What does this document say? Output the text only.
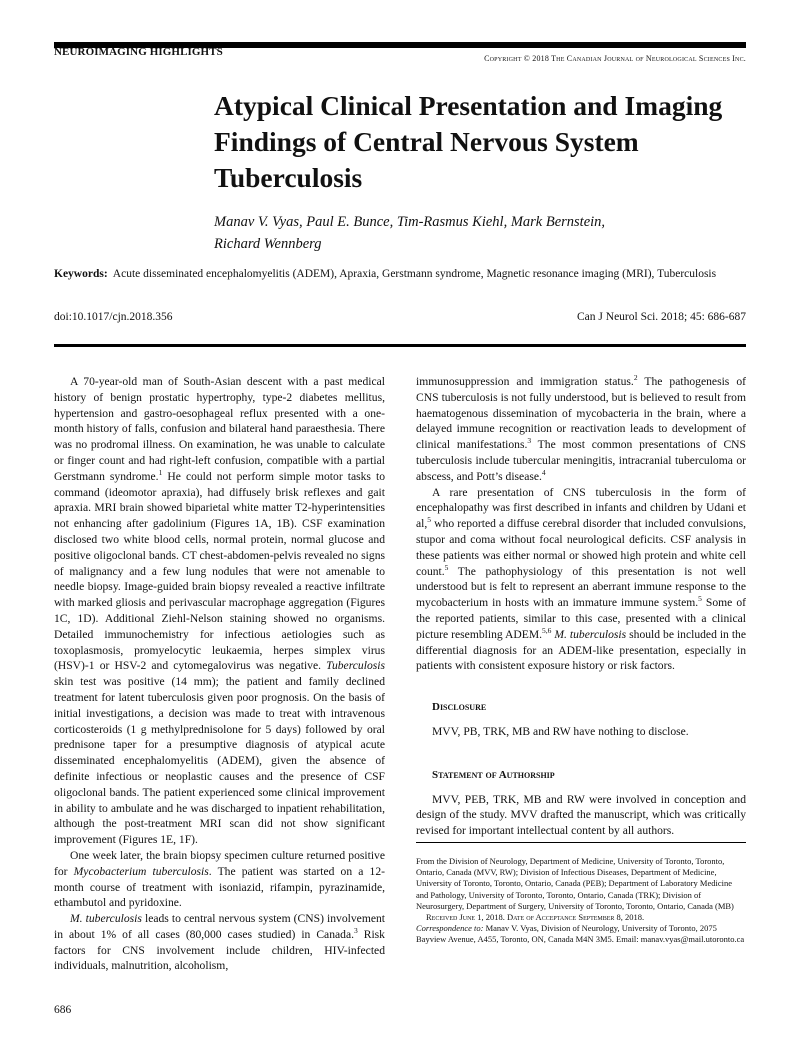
NEUROIMAGING HIGHLIGHTS
Copyright © 2018 The Canadian Journal of Neurological Sciences Inc.
Atypical Clinical Presentation and Imaging Findings of Central Nervous System Tuberculosis
Manav V. Vyas, Paul E. Bunce, Tim-Rasmus Kiehl, Mark Bernstein,
Richard Wennberg
Keywords: Acute disseminated encephalomyelitis (ADEM), Apraxia, Gerstmann syndrome, Magnetic resonance imaging (MRI), Tuberculosis
doi:10.1017/cjn.2018.356	Can J Neurol Sci. 2018; 45: 686-687

A 70-year-old man of South-Asian descent with a past medical history of benign prostatic hypertrophy, type-2 diabetes mellitus, hypertension and gastro-oesophageal reflux presented with a one-month history of falls, confusion and bilateral hand paraesthesia. There was no prodromal illness. On examination, he was unable to calculate or finger count and had right-left confusion, compatible with a partial Gerstmann syndrome.$^1$ He could not perform simple motor tasks to command (ideomotor apraxia), had diffusely brisk reflexes and gait apraxia. MRI brain showed biparietal white matter T2-hyperintensities not enhancing after gadolinium (Figures 1A, 1B). CSF examination disclosed two white blood cells, normal protein, normal glucose and positive oligoclonal bands. CT chest-abdomen-pelvis revealed no signs of malignancy and a few lung nodules that were not amenable to needle biopsy. Image-guided brain biopsy revealed a reactive infiltrate with marked gliosis and perivascular macrophage aggregation (Figures 1C, 1D). Additional Ziehl-Nelson staining showed no organisms. Detailed immunochemistry for infectious aetiologies such as toxoplasmosis, promyelocytic leukaemia, herpes simplex virus (HSV)-1 or HSV-2 and cytomegalovirus was negative. Tuberculosis skin test was positive (14 mm); the patient and family declined treatment for latent tuberculosis given poor prognosis. On the basis of initial investigations, a decision was made to treat with intravenous corticosteroids (1 g methylprednisolone for 5 days) followed by oral prednisone taper for a presumptive diagnosis of atypical acute disseminated encephalomyelitis (ADEM), given the absence of definite infectious or neoplastic causes and the presence of CSF oligoclonal bands. The patient experienced some clinical improvement in ability to ambulate and he was discharged to inpatient rehabilitation, although the post-treatment MRI scan did not show significant improvement (Figures 1E, 1F).

One week later, the brain biopsy specimen culture returned positive for Mycobacterium tuberculosis. The patient was started on a 12-month course of treatment with isoniazid, rifampin, pyrazinamide, ethambutol and pyridoxine.

M. tuberculosis leads to central nervous system (CNS) involvement in about 1% of all cases (80,000 cases studied) in Canada.$^3$ Risk factors for CNS involvement include children, HIV-infected individuals, malnutrition, alcoholism,

immunosuppression and immigration status.$^2$ The pathogenesis of CNS tuberculosis is not fully understood, but is believed to result from haematogenous dissemination of mycobacteria in the brain, where a delayed immune recognition or reactivation leads to development of clinical manifestations.$^3$ The most common presentations of CNS tuberculosis include tubercular meningitis, intracranial tuberculoma or abscess, and Pott’s disease.$^4$

A rare presentation of CNS tuberculosis in the form of encephalopathy was first described in infants and children by Udani et al,$^5$ who reported a diffuse cerebral disorder that included convulsions, stupor and coma without focal neurological deficits. CSF analysis in these patients was either normal or showed high protein and white cell count.$^5$ The pathophysiology of this presentation is not well understood but is felt to represent an aberrant immune response to the mycobacterium in hosts with an immature immune system.$^5$ Some of the reported patients, similar to this case, presented with a clinical picture resembling ADEM.$^{5,6}$ M. tuberculosis should be included in the differential diagnosis for an ADEM-like presentation, especially in patients with consistent exposure history or risk factors.

Disclosure

MVV, PB, TRK, MB and RW have nothing to disclose.

Statement of Authorship

MVV, PEB, TRK, MB and RW were involved in conception and design of the study. MVV drafted the manuscript, which was critically revised for important intellectual content by all authors.

From the Division of Neurology, Department of Medicine, University of Toronto, Toronto, Ontario, Canada (MVV, RW); Division of Infectious Diseases, Department of Medicine, University of Toronto, Toronto, Ontario, Canada (PEB); Department of Laboratory Medicine and Pathology, University of Toronto, Toronto, Ontario, Canada (TRK); Division of Neurosurgery, Department of Surgery, University of Toronto, Toronto, Ontario, Canada (MB)

Received June 1, 2018. Date of Acceptance September 8, 2018.

Correspondence to: Manav V. Vyas, Division of Neurology, University of Toronto, 2075 Bayview Avenue, A455, Toronto, ON, Canada M4N 3M5. Email: manav.vyas@mail.utoronto.ca

686
